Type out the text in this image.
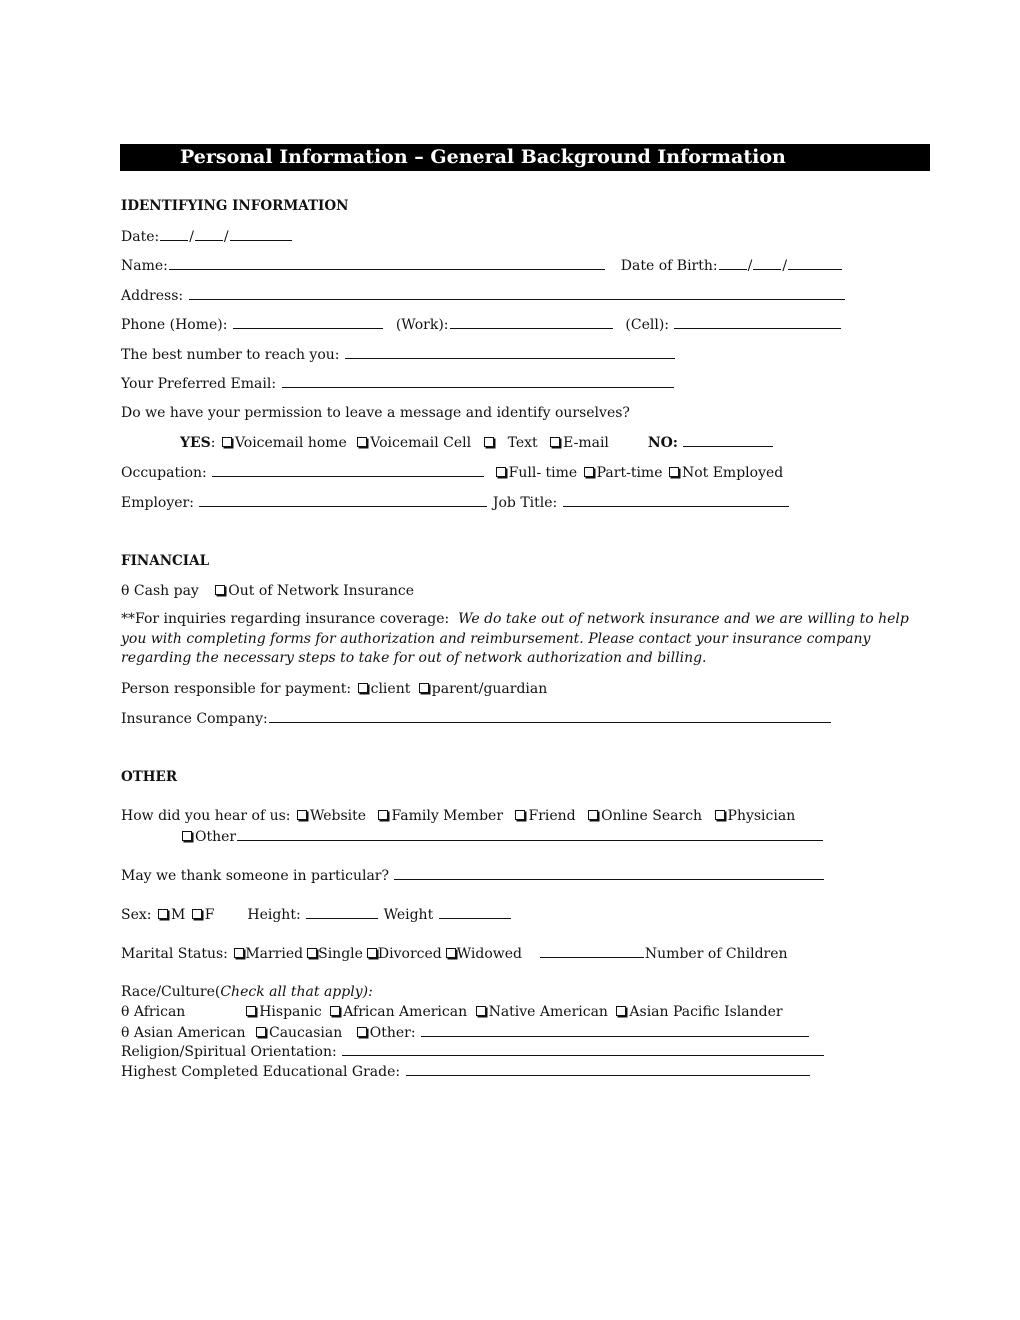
Personal Information – General Background Information
IDENTIFYING INFORMATION
Date: / /
Name:	Date of Birth: / /
Address:
Phone (Home):	(Work):	(Cell):
The best number to reach you:
Your Preferred Email:
Do we have your permission to leave a message and identify ourselves?
YES: Voicemail home Voicemail Cell	Text E-mail	NO:
Occupation:	Full- time Part-time Not Employed
Employer:	Job Title:
FINANCIAL
θ Cash pay Out of Network Insurance
**For inquiries regarding insurance coverage: We do take out of network insurance and we are willing to help you with completing forms for authorization and reimbursement. Please contact your insurance company regarding the necessary steps to take for out of network authorization and billing.
Person responsible for payment: client parent/guardian
Insurance Company:
OTHER
How did you hear of us: Website Family Member Friend Online Search Physician
Other
May we thank someone in particular?
Sex: M F Height:	Weight
Marital Status: Married Single Divorced Widowed	Number of Children
Race/Culture(Check all that apply):
θ African	Hispanic African American Native American Asian Pacific Islander
θ Asian American Caucasian Other:
Religion/Spiritual Orientation:
Highest Completed Educational Grade:
